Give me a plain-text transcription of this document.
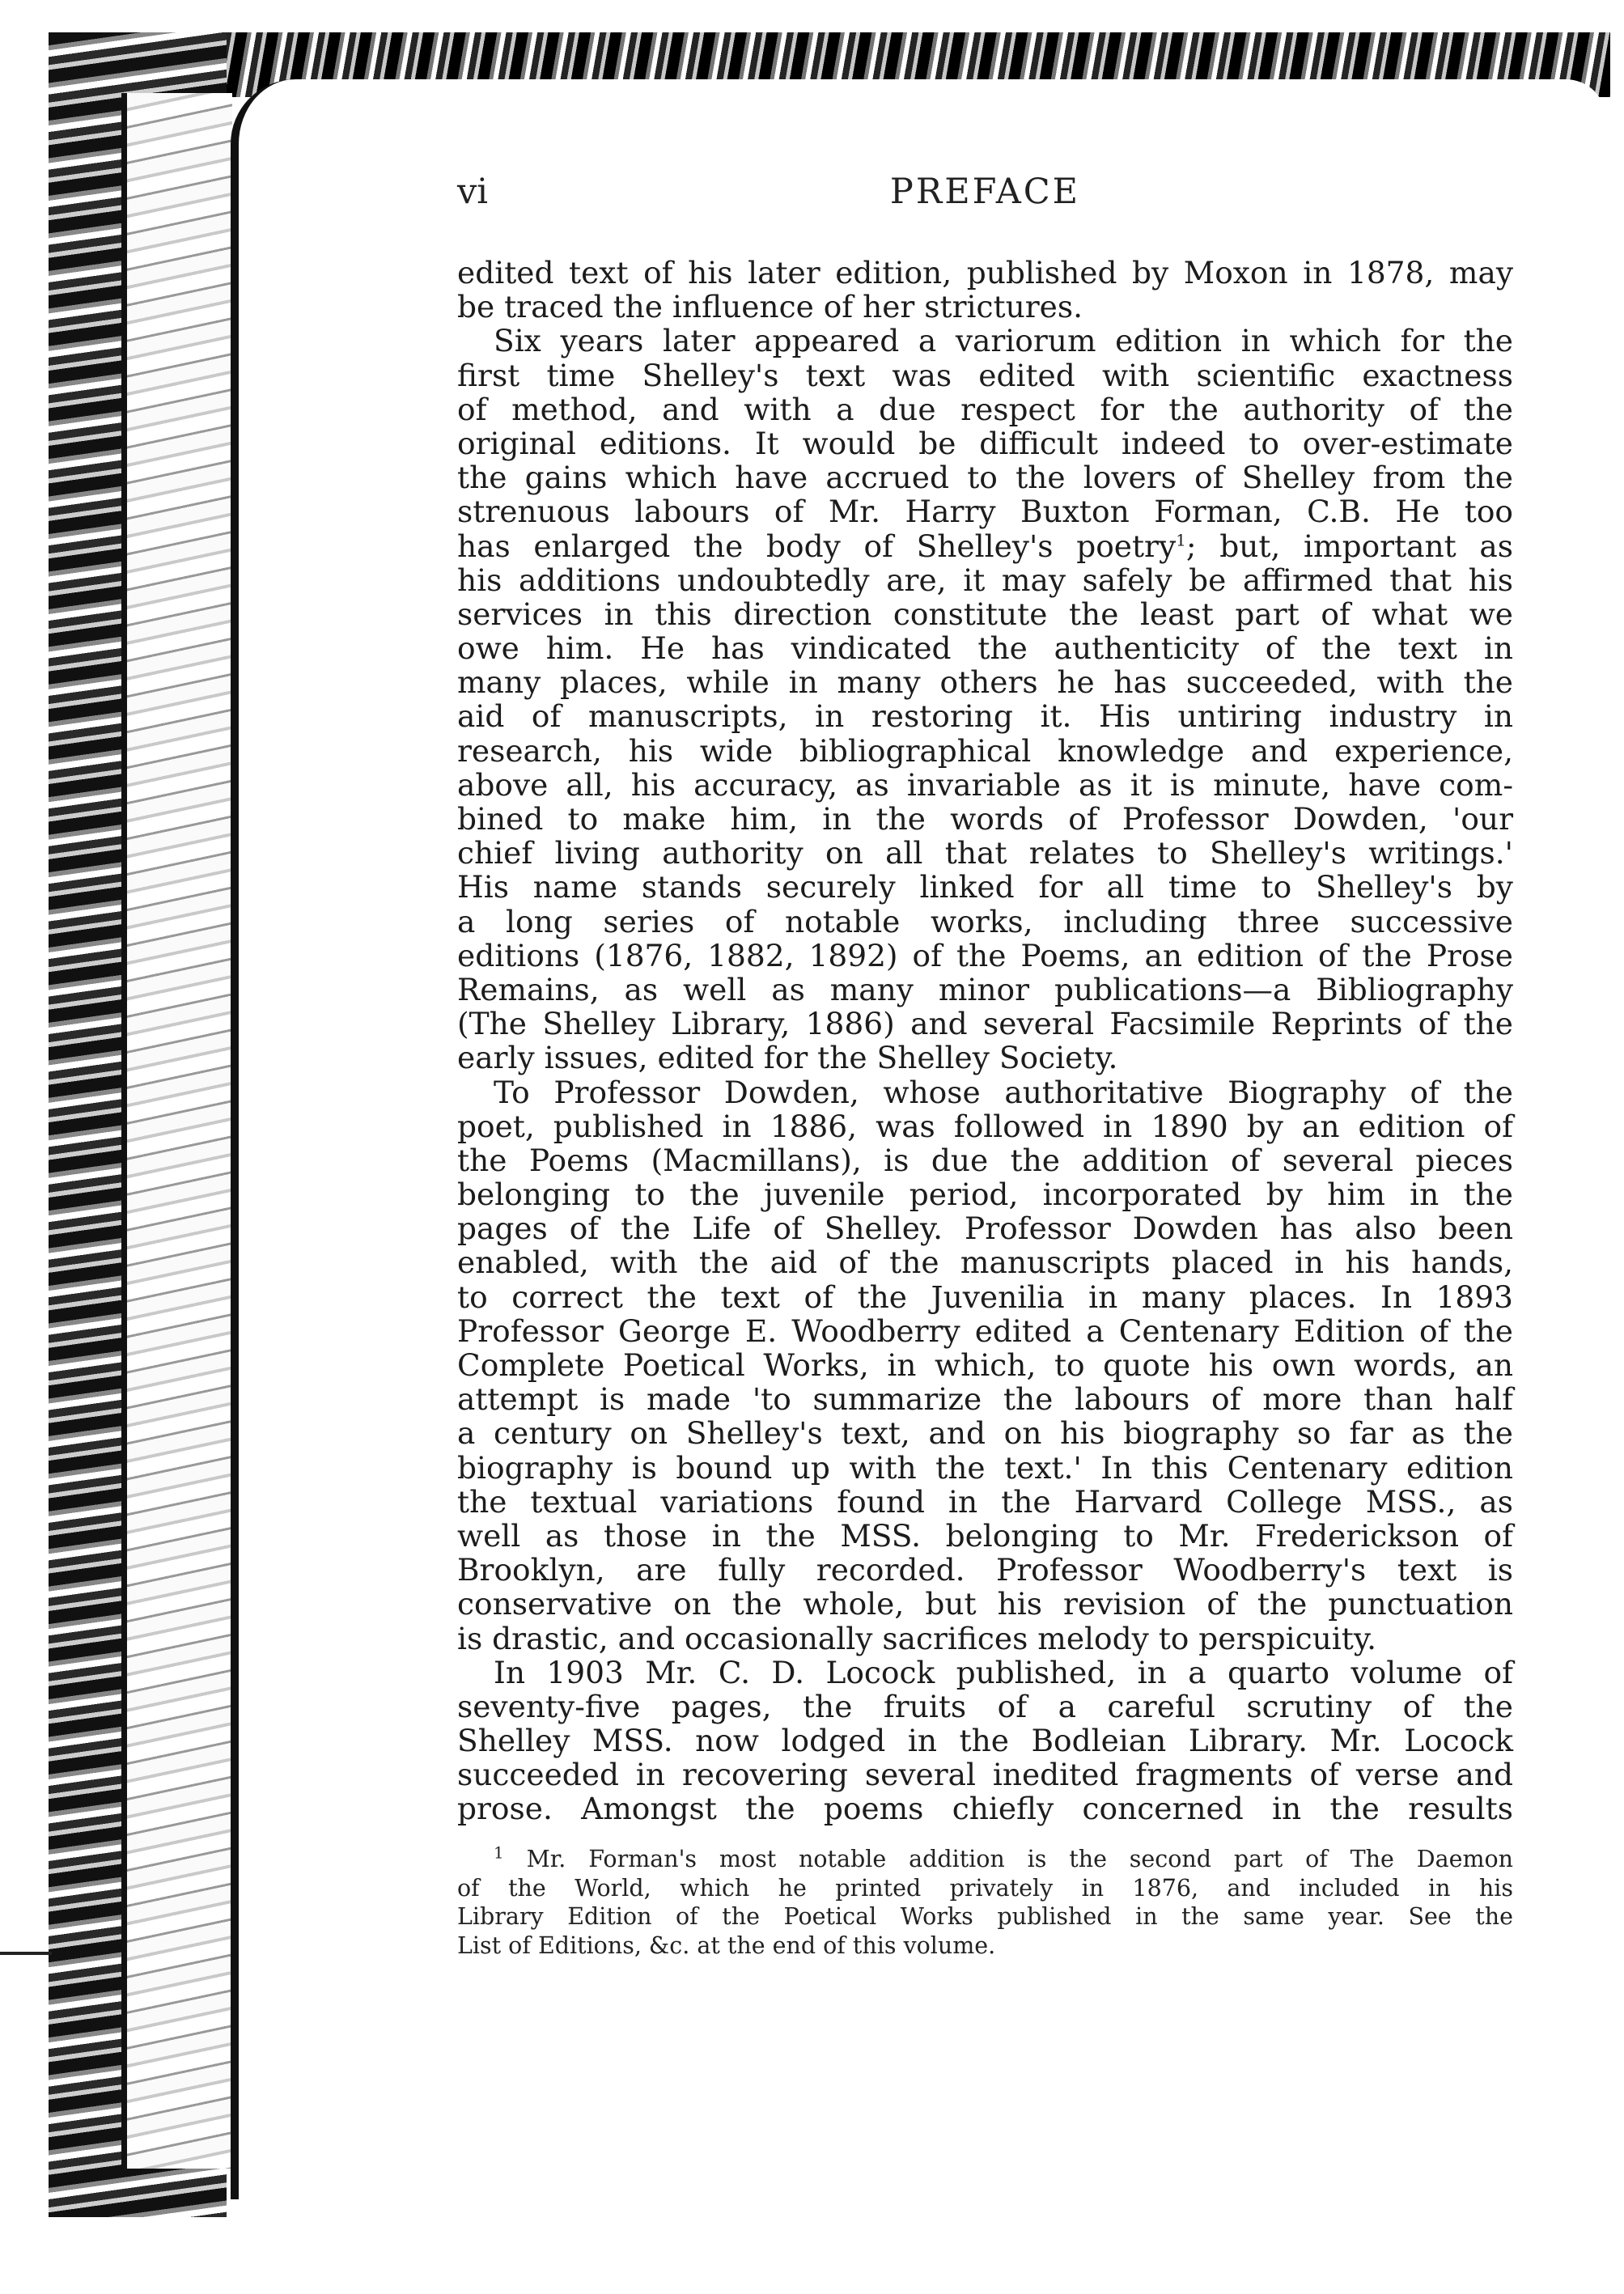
vi	PREFACE
edited text of his later edition, published by Moxon in 1878, may
be traced the influence of her strictures.
Six years later appeared a variorum edition in which for the
first time Shelley's text was edited with scientific exactness
of method, and with a due respect for the authority of the
original editions. It would be difficult indeed to over-estimate
the gains which have accrued to the lovers of Shelley from the
strenuous labours of Mr. Harry Buxton Forman, C.B. He too
has enlarged the body of Shelley's poetry$^1$; but, important as
his additions undoubtedly are, it may safely be affirmed that his
services in this direction constitute the least part of what we
owe him. He has vindicated the authenticity of the text in
many places, while in many others he has succeeded, with the
aid of manuscripts, in restoring it. His untiring industry in
research, his wide bibliographical knowledge and experience,
above all, his accuracy, as invariable as it is minute, have com-
bined to make him, in the words of Professor Dowden, 'our
chief living authority on all that relates to Shelley's writings.'
His name stands securely linked for all time to Shelley's by
a long series of notable works, including three successive
editions (1876, 1882, 1892) of the Poems, an edition of the Prose
Remains, as well as many minor publications—a Bibliography
(The Shelley Library, 1886) and several Facsimile Reprints of the
early issues, edited for the Shelley Society.
To Professor Dowden, whose authoritative Biography of the
poet, published in 1886, was followed in 1890 by an edition of
the Poems (Macmillans), is due the addition of several pieces
belonging to the juvenile period, incorporated by him in the
pages of the Life of Shelley. Professor Dowden has also been
enabled, with the aid of the manuscripts placed in his hands,
to correct the text of the Juvenilia in many places. In 1893
Professor George E. Woodberry edited a Centenary Edition of the
Complete Poetical Works, in which, to quote his own words, an
attempt is made 'to summarize the labours of more than half
a century on Shelley's text, and on his biography so far as the
biography is bound up with the text.' In this Centenary edition
the textual variations found in the Harvard College MSS., as
well as those in the MSS. belonging to Mr. Frederickson of
Brooklyn, are fully recorded. Professor Woodberry's text is
conservative on the whole, but his revision of the punctuation
is drastic, and occasionally sacrifices melody to perspicuity.
In 1903 Mr. C. D. Locock published, in a quarto volume of
seventy-five pages, the fruits of a careful scrutiny of the
Shelley MSS. now lodged in the Bodleian Library. Mr. Locock
succeeded in recovering several inedited fragments of verse and
prose. Amongst the poems chiefly concerned in the results
$^1$ Mr. Forman's most notable addition is the second part of The Daemon
of the World, which he printed privately in 1876, and included in his
Library Edition of the Poetical Works published in the same year. See the
List of Editions, &c. at the end of this volume.
